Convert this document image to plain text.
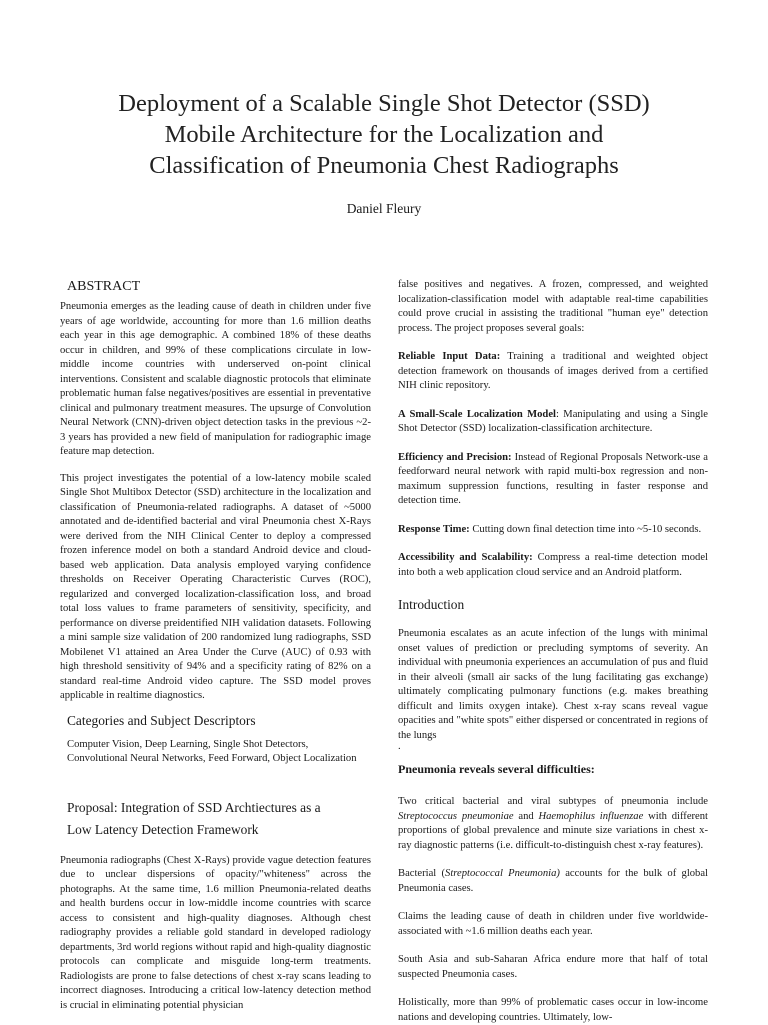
Deployment of a Scalable Single Shot Detector (SSD)
Mobile Architecture for the Localization and
Classification of Pneumonia Chest Radiographs
Daniel Fleury
ABSTRACT

Pneumonia emerges as the leading cause of death in children under five years of age worldwide, accounting for more than 1.6 million deaths each year in this age demographic. A combined 18% of these deaths occur in children, and 99% of these complications circulate in low-middle income countries with underserved on-point clinical interventions. Consistent and scalable diagnostic protocols that eliminate problematic human false negatives/positives are essential in preventative clinical and pulmonary treatment measures. The upsurge of Convolution Neural Network (CNN)-driven object detection tasks in the previous ~2-3 years has provided a new field of manipulation for radiographic image feature map detection.

This project investigates the potential of a low-latency mobile scaled Single Shot Multibox Detector (SSD) architecture in the localization and classification of Pneumonia-related radiographs. A dataset of ~5000 annotated and de-identified bacterial and viral Pneumonia chest X-Rays were derived from the NIH Clinical Center to deploy a compressed frozen inference model on both a standard Android device and cloud-based web application. Data analysis employed varying confidence thresholds on Receiver Operating Characteristic Curves (ROC), regularized and converged localization-classification loss, and broad total loss values to frame parameters of sensitivity, specificity, and performance on diverse preidentified NIH validation datasets. Following a mini sample size validation of 200 randomized lung radiographs, SSD Mobilenet V1 attained an Area Under the Curve (AUC) of 0.93 with high threshold sensitivity of 94% and a specificity rating of 82% on a standard real-time Android video capture. The SSD model proves applicable in realtime diagnostics.

Categories and Subject Descriptors

Computer Vision, Deep Learning, Single Shot Detectors, Convolutional Neural Networks, Feed Forward, Object Localization

Proposal: Integration of SSD Archtiectures as a
Low Latency Detection Framework

Pneumonia radiographs (Chest X-Rays) provide vague detection features due to unclear dispersions of opacity/"whiteness" across the photographs. At the same time, 1.6 million Pneumonia-related deaths and health burdens occur in low-middle income countries with scarce access to consistent and high-quality diagnoses. Although chest radiography provides a reliable gold standard in developed radiology departments, 3rd world regions without rapid and high-quality diagnostic protocols can complicate and misguide long-term treatments. Radiologists are prone to false detections of chest x-ray scans leading to incorrect diagnoses. Introducing a critical low-latency detection method is crucial in eliminating potential physician

false positives and negatives. A frozen, compressed, and weighted localization-classification model with adaptable real-time capabilities could prove crucial in assisting the traditional "human eye" detection process. The project proposes several goals:

Reliable Input Data: Training a traditional and weighted object detection framework on thousands of images derived from a certified NIH clinic repository.

A Small-Scale Localization Model: Manipulating and using a Single Shot Detector (SSD) localization-classification architecture.

Efficiency and Precision: Instead of Regional Proposals Network-use a feedforward neural network with rapid multi-box regression and non-maximum suppression functions, resulting in faster response and detection time.

Response Time: Cutting down final detection time into ~5-10 seconds.

Accessibility and Scalability: Compress a real-time detection model into both a web application cloud service and an Android platform.

Introduction

Pneumonia escalates as an acute infection of the lungs with minimal onset values of prediction or precluding symptoms of severity. An individual with pneumonia experiences an accumulation of pus and fluid in their alveoli (small air sacks of the lung facilitating gas exchange) ultimately complicating pulmonary functions (e.g. makes breathing difficult and limits oxygen intake). Chest x-ray scans reveal vague opacities and "white spots" either dispersed or concentrated in regions of the lungs

.

Pneumonia reveals several difficulties:

Two critical bacterial and viral subtypes of pneumonia include Streptococcus pneumoniae and Haemophilus influenzae with different proportions of global prevalence and minute size variations in chest x-ray diagnostic patterns (i.e. difficult-to-distinguish chest x-ray features).

Bacterial (Streptococcal Pneumonia) accounts for the bulk of global Pneumonia cases.

Claims the leading cause of death in children under five worldwide- associated with ~1.6 million deaths each year.

South Asia and sub-Saharan Africa endure more that half of total suspected Pneumonia cases.

Holistically, more than 99% of problematic cases occur in low-income nations and developing countries. Ultimately, low-
